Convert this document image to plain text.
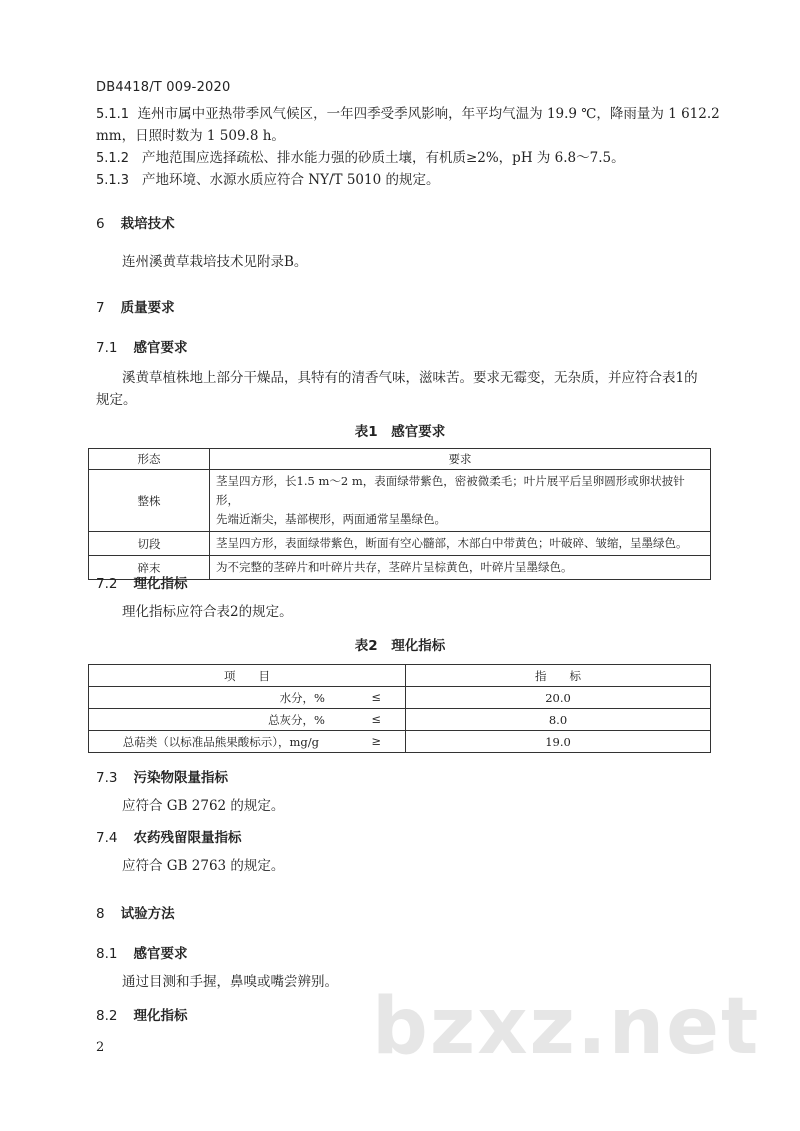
DB4418/T 009-2020
5.1.1 连州市属中亚热带季风气候区，一年四季受季风影响，年平均气温为 19.9 ℃，降雨量为 1 612.2
mm，日照时数为 1 509.8 h。
5.1.2 产地范围应选择疏松、排水能力强的砂质土壤，有机质≥2%，pH 为 6.8～7.5。
5.1.3 产地环境、水源水质应符合 NY/T 5010 的规定。
6 栽培技术
连州溪黄草栽培技术见附录B。
7 质量要求
7.1 感官要求
溪黄草植株地上部分干燥品，具特有的清香气味，滋味苦。要求无霉变，无杂质，并应符合表1的
规定。
表1　感官要求
形态	要求
整株	茎呈四方形，长1.5 m～2 m，表面绿带紫色，密被微柔毛；叶片展平后呈卵圆形或卵状披针形，
先端近渐尖，基部楔形，两面通常呈墨绿色。

切段	茎呈四方形，表面绿带紫色，断面有空心髓部，木部白中带黄色；叶破碎、皱缩，呈墨绿色。
碎末	为不完整的茎碎片和叶碎片共存，茎碎片呈棕黄色，叶碎片呈墨绿色。
7.2 理化指标
理化指标应符合表2的规定。
表2　理化指标
项　　目	指　　标

水分，% ≤	20.0

总灰分，% ≤	8.0

总萜类（以标准品熊果酸标示），mg/g ≥	19.0
7.3 污染物限量指标
应符合 GB 2762 的规定。
7.4 农药残留限量指标
应符合 GB 2763 的规定。
8 试验方法
8.1 感官要求
通过目测和手握，鼻嗅或嘴尝辨别。
8.2 理化指标 bzxz.net
2
